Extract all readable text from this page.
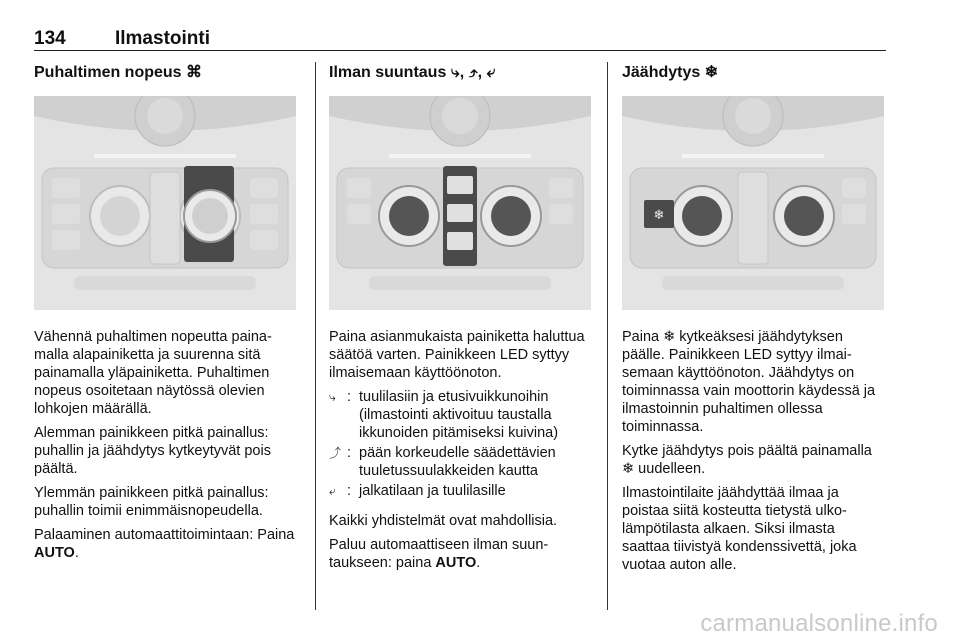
134	Ilmastointi
Puhaltimen nopeus ⌘

Vähennä puhaltimen nopeutta painamalla alapainiketta ja suurenna sitä painamalla yläpainiketta. Puhaltimen nopeus osoitetaan näytössä olevien lohkojen määrällä.

Alemman painikkeen pitkä painallus: puhallin ja jäähdytys kytkeytyvät pois päältä.

Ylemmän painikkeen pitkä painallus: puhallin toimii enimmäisnopeudella.

Palaaminen automaattitoimintaan: Paina AUTO.

Ilman suuntaus ⤷, ⤴, ⤶

Paina asianmukaista painiketta haluttua säätöä varten. Painikkeen LED syttyy ilmaisemaan käyttöönoton.

⤷ : tuulilasiin ja etusivuikkunoihin (ilmastointi aktivoituu taustalla ikkunoiden pitämiseksi kuivina)
⤴ : pään korkeudelle säädettävien tuuletussuulakkeiden kautta
⤶ : jalkatilaan ja tuulilasille

Kaikki yhdistelmät ovat mahdollisia.

Paluu automaattiseen ilman suuntaukseen: paina AUTO.

Jäähdytys ❄
❄

Paina ❄ kytkeäksesi jäähdytyksen päälle. Painikkeen LED syttyy ilmaisemaan käyttöönoton. Jäähdytys on toiminnassa vain moottorin käydessä ja ilmastoinnin puhaltimen ollessa toiminnassa.

Kytke jäähdytys pois päältä painamalla ❄ uudelleen.

Ilmastointilaite jäähdyttää ilmaa ja poistaa siitä kosteutta tietystä ulkolämpötilasta alkaen. Siksi ilmasta saattaa tiivistyä kondenssivettä, joka vuotaa auton alle.

carmanualsonline.info
